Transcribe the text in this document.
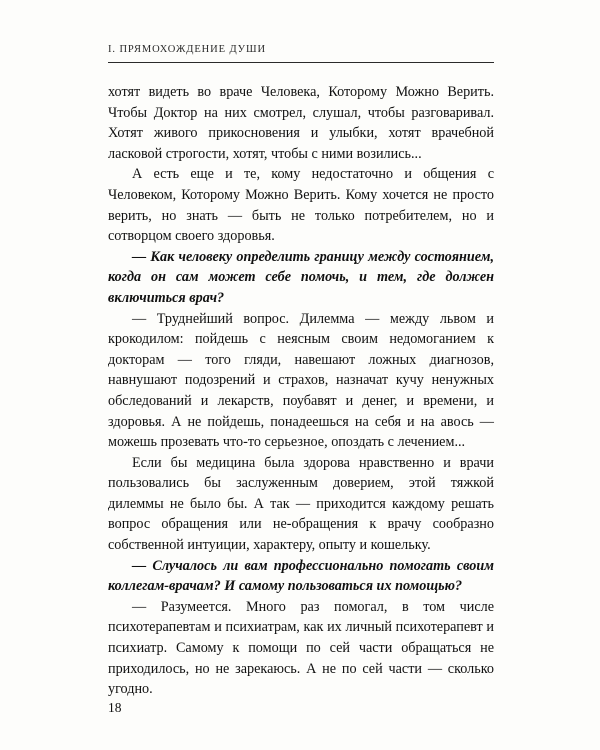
I. ПРЯМОХОЖДЕНИЕ ДУШИ

хотят видеть во враче Человека, Которому Можно Верить. Чтобы Доктор на них смотрел, слушал, чтобы разговаривал. Хотят живого прикосновения и улыбки, хотят врачебной ласковой строгости, хотят, чтобы с ними возились...

А есть еще и те, кому недостаточно и общения с Человеком, Которому Можно Верить. Кому хочется не просто верить, но знать — быть не только потребителем, но и сотворцом своего здоровья.

— Как человеку определить границу между состоянием, когда он сам может себе помочь, и тем, где должен включиться врач?

— Труднейший вопрос. Дилемма — между львом и крокодилом: пойдешь с неясным своим недомоганием к докторам — того гляди, навешают ложных диагнозов, навнушают подозрений и страхов, назначат кучу ненужных обследований и лекарств, поубавят и денег, и времени, и здоровья. А не пойдешь, понадеешься на себя и на авось — можешь прозевать что-то серьезное, опоздать с лечением...

Если бы медицина была здорова нравственно и врачи пользовались бы заслуженным доверием, этой тяжкой дилеммы не было бы. А так — приходится каждому решать вопрос обращения или не-обращения к врачу сообразно собственной интуиции, характеру, опыту и кошельку.

— Случалось ли вам профессионально помогать своим коллегам-врачам? И самому пользоваться их помощью?

— Разумеется. Много раз помогал, в том числе психотерапевтам и психиатрам, как их личный психотерапевт и психиатр. Самому к помощи по сей части обращаться не приходилось, но не зарекаюсь. А не по сей части — сколько угодно.

18
